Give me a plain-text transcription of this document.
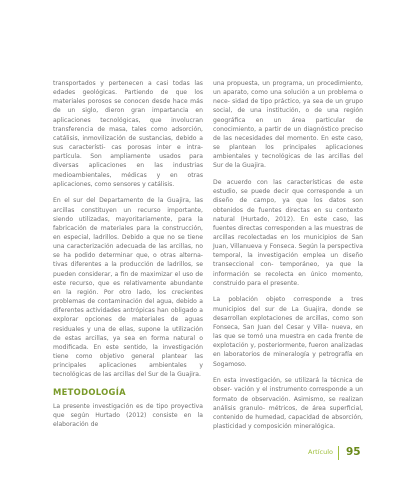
transportados y pertenecen a casi todas las edades geológicas. Partiendo de que los materiales porosos se conocen desde hace más de un siglo, dieron gran impartancia en aplicaciones tecnológicas, que involucran transferencia de masa, tales como adsorción, catálisis, inmovilización de sustancias, debido a sus característi- cas porosas inter e intra-partícula. Son ampliamente usados para diversas aplicaciones en las industrias medioambientales, médicas y en otras aplicaciones, como sensores y catálisis.

En el sur del Departamento de la Guajira, las arcillas constituyen un recurso importante, siendo utilizadas, mayoritariamente, para la fabricación de materiales para la construcción, en especial, ladrillos. Debido a que no se tiene una caracterización adecuada de las arcillas, no se ha podido determinar que, o otras alterna- tivas diferentes a la producción de ladrillos, se pueden considerar, a fin de maximizar el uso de este recurso, que es relativamente abundante en la región. Por otro lado, los crecientes problemas de contaminación del agua, debido a diferentes actividades antrópicas han obligado a explorar opciones de materiales de aguas residuales y una de ellas, supone la utilización de estas arcillas, ya sea en forma natural o modificada. En este sentido, la investigación tiene como objetivo general plantear las principales aplicaciones ambientales y tecnológicas de las arcillas del Sur de la Guajira.

METODOLOGÍA

La presente investigación es de tipo proyectiva que según Hurtado (2012) consiste en la elaboración de

una propuesta, un programa, un procedimiento, un aparato, como una solución a un problema o nece- sidad de tipo práctico, ya sea de un grupo social, de una institución, o de una región geográfica en un área particular de conocimiento, a partir de un diagnóstico preciso de las necesidades del momento. En este caso, se plantean los principales aplicaciones ambientales y tecnológicas de las arcillas del Sur de la Guajira.

De acuerdo con las características de este estudio, se puede decir que corresponde a un diseño de campo, ya que los datos son obtenidos de fuentes directas en su contexto natural (Hurtado, 2012). En este caso, las fuentes directas corresponden a las muestras de arcillas recolectadas en los municipios de San Juan, Villanueva y Fonseca. Según la perspectiva temporal, la investigación emplea un diseño transeccional con- temporáneo, ya que la información se recolecta en único momento, construido para el presente.

La población objeto corresponde a tres municipios del sur de La Guajira, donde se desarrollan explotaciones de arcillas, como son Fonseca, San Juan del Cesar y Villa- nueva, en las que se tomó una muestra en cada frente de explotación y, posteriormente, fueron analizadas en laboratorios de mineralogía y petrografía en Sogamoso.

En esta investigación, se utilizará la técnica de obser- vación y el instrumento corresponde a un formato de observación. Asimismo, se realizan análisis granulo- métricos, de área superficial, contenido de humedad, capacidad de absorción, plasticidad y composición mineralógica.

Artículo 95
